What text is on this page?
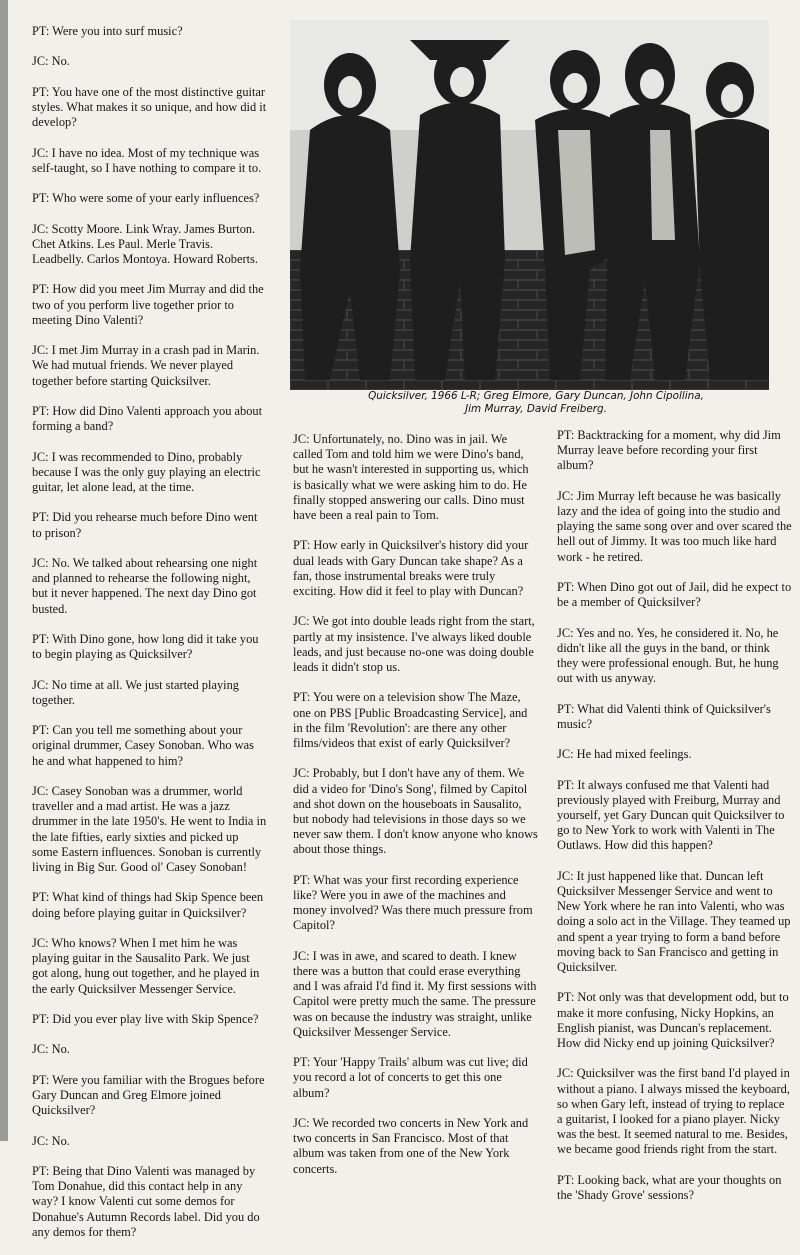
Quicksilver, 1966 L-R; Greg Elmore, Gary Duncan, John Cipollina,
Jim Murray, David Freiberg.

PT: Were you into surf music?

JC: No.

PT: You have one of the most distinctive guitar styles. What makes it so unique, and how did it develop?

JC: I have no idea. Most of my technique was self-taught, so I have nothing to compare it to.

PT: Who were some of your early influences?

JC: Scotty Moore. Link Wray. James Burton. Chet Atkins. Les Paul. Merle Travis. Leadbelly. Carlos Montoya. Howard Roberts.

PT: How did you meet Jim Murray and did the two of you perform live together prior to meeting Dino Valenti?

JC: I met Jim Murray in a crash pad in Marin. We had mutual friends. We never played together before starting Quicksilver.

PT: How did Dino Valenti approach you about forming a band?

JC: I was recommended to Dino, probably because I was the only guy playing an electric guitar, let alone lead, at the time.

PT: Did you rehearse much before Dino went to prison?

JC: No. We talked about rehearsing one night and planned to rehearse the following night, but it never happened. The next day Dino got busted.

PT: With Dino gone, how long did it take you to begin playing as Quicksilver?

JC: No time at all. We just started playing together.

PT: Can you tell me something about your original drummer, Casey Sonoban. Who was he and what happened to him?

JC: Casey Sonoban was a drummer, world traveller and a mad artist. He was a jazz drummer in the late 1950's. He went to India in the late fifties, early sixties and picked up some Eastern influences. Sonoban is currently living in Big Sur. Good ol' Casey Sonoban!

PT: What kind of things had Skip Spence been doing before playing guitar in Quicksilver?

JC: Who knows? When I met him he was playing guitar in the Sausalito Park. We just got along, hung out together, and he played in the early Quicksilver Messenger Service.

PT: Did you ever play live with Skip Spence?

JC: No.

PT: Were you familiar with the Brogues before Gary Duncan and Greg Elmore joined Quicksilver?

JC: No.

PT: Being that Dino Valenti was managed by Tom Donahue, did this contact help in any way? I know Valenti cut some demos for Donahue's Autumn Records label. Did you do any demos for them?

JC: Unfortunately, no. Dino was in jail. We called Tom and told him we were Dino's band, but he wasn't interested in supporting us, which is basically what we were asking him to do. He finally stopped answering our calls. Dino must have been a real pain to Tom.

PT: How early in Quicksilver's history did your dual leads with Gary Duncan take shape? As a fan, those instrumental breaks were truly exciting. How did it feel to play with Duncan?

JC: We got into double leads right from the start, partly at my insistence. I've always liked double leads, and just because no-one was doing double leads it didn't stop us.

PT: You were on a television show The Maze, one on PBS [Public Broadcasting Service], and in the film 'Revolution': are there any other films/videos that exist of early Quicksilver?

JC: Probably, but I don't have any of them. We did a video for 'Dino's Song', filmed by Capitol and shot down on the houseboats in Sausalito, but nobody had televisions in those days so we never saw them. I don't know anyone who knows about those things.

PT: What was your first recording experience like? Were you in awe of the machines and money involved? Was there much pressure from Capitol?

JC: I was in awe, and scared to death. I knew there was a button that could erase everything and I was afraid I'd find it. My first sessions with Capitol were pretty much the same. The pressure was on because the industry was straight, unlike Quicksilver Messenger Service.

PT: Your 'Happy Trails' album was cut live; did you record a lot of concerts to get this one album?

JC: We recorded two concerts in New York and two concerts in San Francisco. Most of that album was taken from one of the New York concerts.

PT: Backtracking for a moment, why did Jim Murray leave before recording your first album?

JC: Jim Murray left because he was basically lazy and the idea of going into the studio and playing the same song over and over scared the hell out of Jimmy. It was too much like hard work - he retired.

PT: When Dino got out of Jail, did he expect to be a member of Quicksilver?

JC: Yes and no. Yes, he considered it. No, he didn't like all the guys in the band, or think they were professional enough. But, he hung out with us anyway.

PT: What did Valenti think of Quicksilver's music?

JC: He had mixed feelings.

PT: It always confused me that Valenti had previously played with Freiburg, Murray and yourself, yet Gary Duncan quit Quicksilver to go to New York to work with Valenti in The Outlaws. How did this happen?

JC: It just happened like that. Duncan left Quicksilver Messenger Service and went to New York where he ran into Valenti, who was doing a solo act in the Village. They teamed up and spent a year trying to form a band before moving back to San Francisco and getting in Quicksilver.

PT: Not only was that development odd, but to make it more confusing, Nicky Hopkins, an English pianist, was Duncan's replacement. How did Nicky end up joining Quicksilver?

JC: Quicksilver was the first band I'd played in without a piano. I always missed the keyboard, so when Gary left, instead of trying to replace a guitarist, I looked for a piano player. Nicky was the best. It seemed natural to me. Besides, we became good friends right from the start.

PT: Looking back, what are your thoughts on the 'Shady Grove' sessions?
